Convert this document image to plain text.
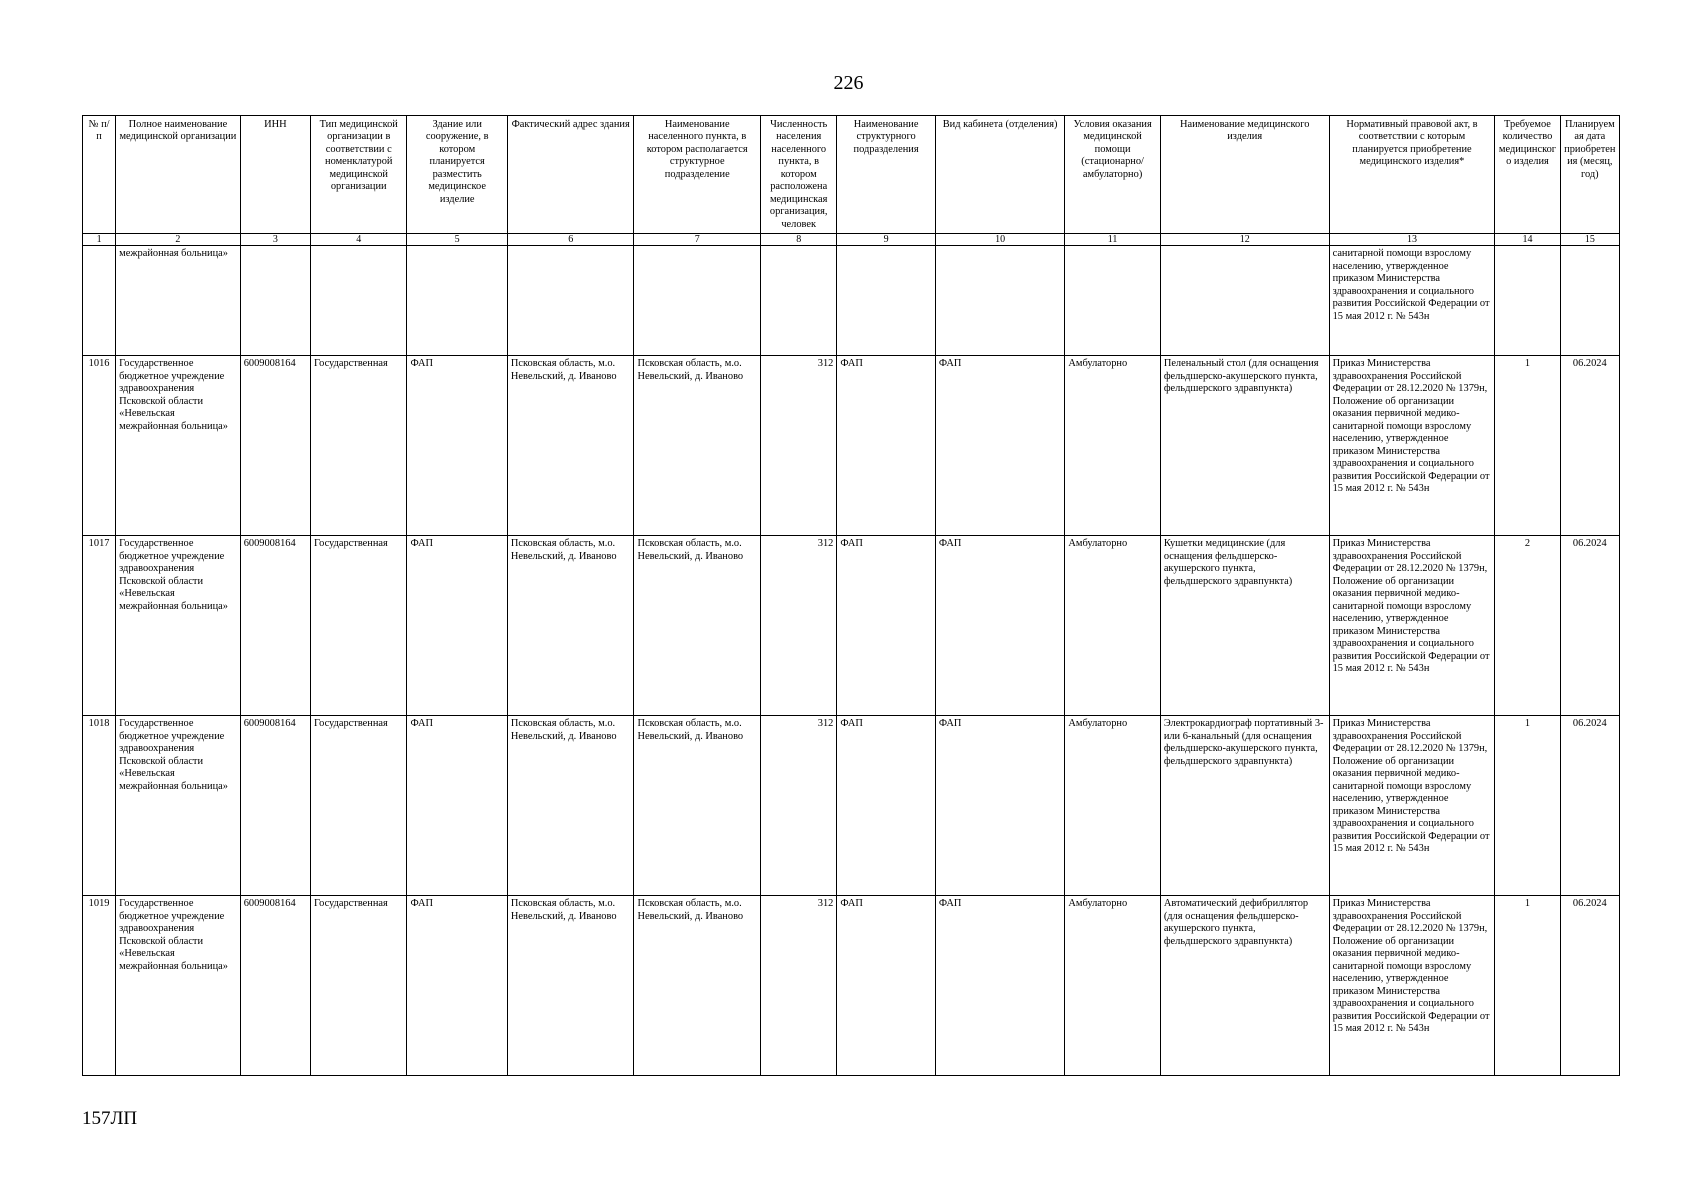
226
№ п/п	Полное наименование медицинской организации	ИНН	Тип медицинской организации в соответствии с номенклатурой медицинской организации	Здание или сооружение, в котором планируется разместить медицинское изделие	Фактический адрес здания	Наименование населенного пункта, в котором располагается структурное подразделение	Численность населения населенного пункта, в котором расположена медицинская организация, человек	Наименование структурного подразделения	Вид кабинета (отделения)	Условия оказания медицинской помощи (стационарно/ амбулаторно)	Наименование медицинского изделия	Нормативный правовой акт, в соответствии с которым планируется приобретение медицинского изделия*	Требуемое количество медицинского изделия	Планируемая дата приобретения (месяц, год)
1	2	3	4	5	6	7	8	9	10	11	12	13	14	15
	межрайонная больница»											санитарной помощи взрослому населению, утвержденное приказом Министерства здравоохранения и социального развития Российской Федерации от 15 мая 2012 г. № 543н		
1016	Государственное бюджетное учреждение здравоохранения Псковской области «Невельская межрайонная больница»	6009008164	Государственная	ФАП	Псковская область, м.о. Невельский, д. Иваново	Псковская область, м.о. Невельский, д. Иваново	312	ФАП	ФАП	Амбулаторно	Пеленальный стол (для оснащения фельдшерско-акушерского пункта, фельдшерского здравпункта)	Приказ Министерства здравоохранения Российской Федерации от 28.12.2020 № 1379н, Положение об организации оказания первичной медико-санитарной помощи взрослому населению, утвержденное приказом Министерства здравоохранения и социального развития Российской Федерации от 15 мая 2012 г. № 543н	1	06.2024
1017	Государственное бюджетное учреждение здравоохранения Псковской области «Невельская межрайонная больница»	6009008164	Государственная	ФАП	Псковская область, м.о. Невельский, д. Иваново	Псковская область, м.о. Невельский, д. Иваново	312	ФАП	ФАП	Амбулаторно	Кушетки медицинские (для оснащения фельдшерско-акушерского пункта, фельдшерского здравпункта)	Приказ Министерства здравоохранения Российской Федерации от 28.12.2020 № 1379н, Положение об организации оказания первичной медико-санитарной помощи взрослому населению, утвержденное приказом Министерства здравоохранения и социального развития Российской Федерации от 15 мая 2012 г. № 543н	2	06.2024
1018	Государственное бюджетное учреждение здравоохранения Псковской области «Невельская межрайонная больница»	6009008164	Государственная	ФАП	Псковская область, м.о. Невельский, д. Иваново	Псковская область, м.о. Невельский, д. Иваново	312	ФАП	ФАП	Амбулаторно	Электрокардиограф портативный 3- или 6-канальный (для оснащения фельдшерско-акушерского пункта, фельдшерского здравпункта)	Приказ Министерства здравоохранения Российской Федерации от 28.12.2020 № 1379н, Положение об организации оказания первичной медико-санитарной помощи взрослому населению, утвержденное приказом Министерства здравоохранения и социального развития Российской Федерации от 15 мая 2012 г. № 543н	1	06.2024
1019	Государственное бюджетное учреждение здравоохранения Псковской области «Невельская межрайонная больница»	6009008164	Государственная	ФАП	Псковская область, м.о. Невельский, д. Иваново	Псковская область, м.о. Невельский, д. Иваново	312	ФАП	ФАП	Амбулаторно	Автоматический дефибриллятор (для оснащения фельдшерско-акушерского пункта, фельдшерского здравпункта)	Приказ Министерства здравоохранения Российской Федерации от 28.12.2020 № 1379н, Положение об организации оказания первичной медико-санитарной помощи взрослому населению, утвержденное приказом Министерства здравоохранения и социального развития Российской Федерации от 15 мая 2012 г. № 543н	1	06.2024
157ЛП
